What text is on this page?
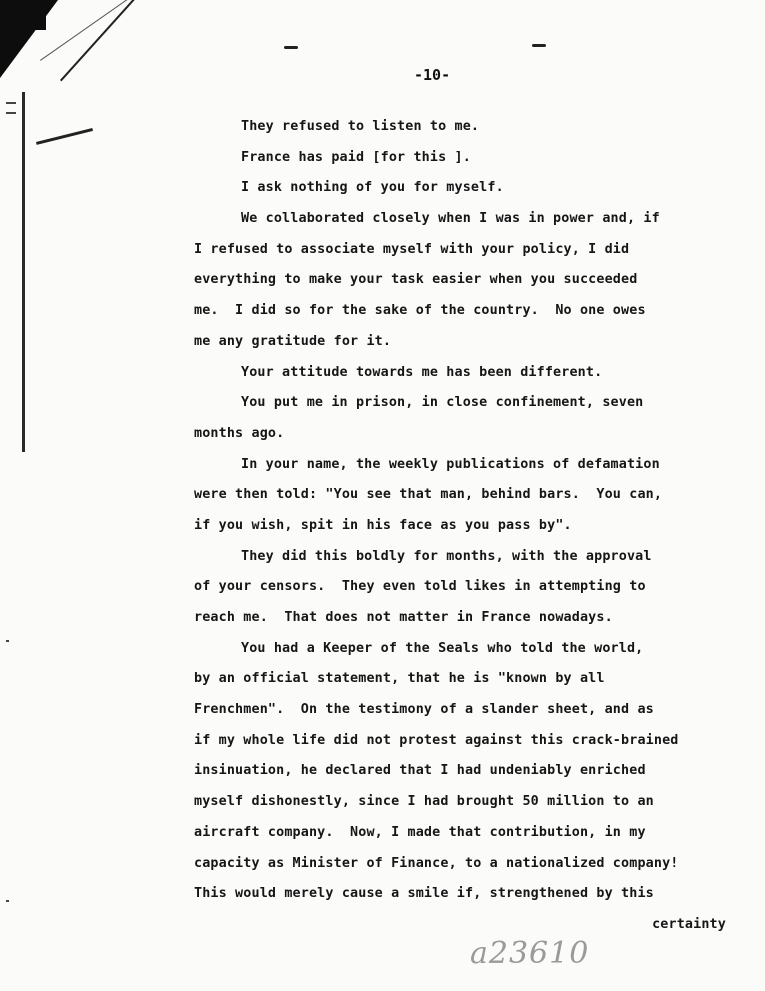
-10-
They refused to listen to me.
France has paid [for this ].
I ask nothing of you for myself.
We collaborated closely when I was in power and, if
I refused to associate myself with your policy, I did
everything to make your task easier when you succeeded
me.  I did so for the sake of the country.  No one owes
me any gratitude for it.
Your attitude towards me has been different.
You put me in prison, in close confinement, seven
months ago.
In your name, the weekly publications of defamation
were then told: "You see that man, behind bars.  You can,
if you wish, spit in his face as you pass by".
They did this boldly for months, with the approval
of your censors.  They even told likes in attempting to
reach me.  That does not matter in France nowadays.
You had a Keeper of the Seals who told the world,
by an official statement, that he is "known by all
Frenchmen".  On the testimony of a slander sheet, and as
if my whole life did not protest against this crack-brained
insinuation, he declared that I had undeniably enriched
myself dishonestly, since I had brought 50 million to an
aircraft company.  Now, I made that contribution, in my
capacity as Minister of Finance, to a nationalized company!
This would merely cause a smile if, strengthened by this
certainty
a23610
